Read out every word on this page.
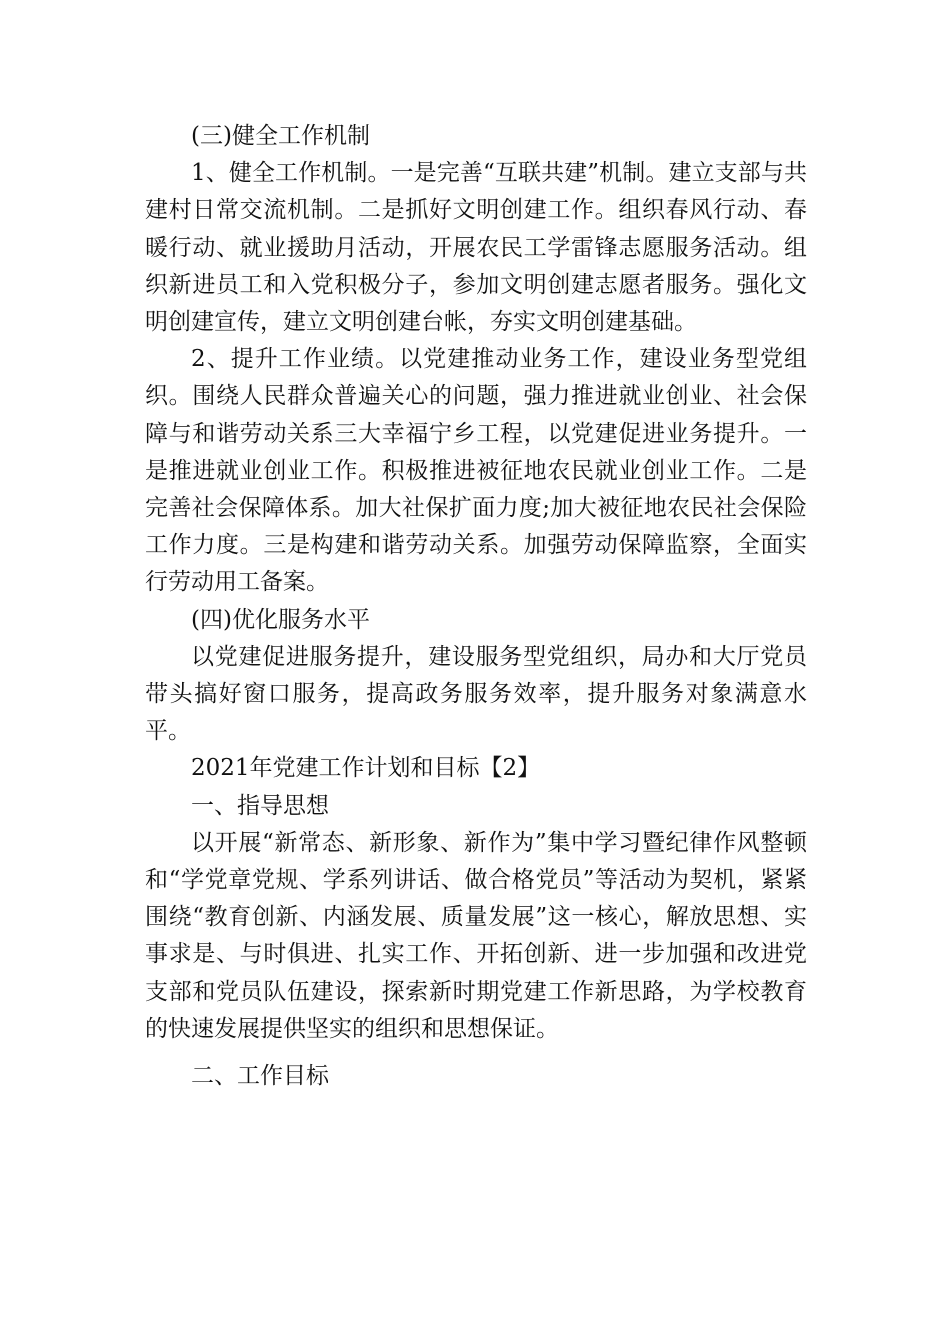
(三)健全工作机制

1、健全工作机制。一是完善“互联共建”机制。建立支部与共建村日常交流机制。二是抓好文明创建工作。组织春风行动、春暖行动、就业援助月活动，开展农民工学雷锋志愿服务活动。组织新进员工和入党积极分子，参加文明创建志愿者服务。强化文明创建宣传，建立文明创建台帐，夯实文明创建基础。

2、提升工作业绩。以党建推动业务工作，建设业务型党组织。围绕人民群众普遍关心的问题，强力推进就业创业、社会保障与和谐劳动关系三大幸福宁乡工程，以党建促进业务提升。一是推进就业创业工作。积极推进被征地农民就业创业工作。二是完善社会保障体系。加大社保扩面力度;加大被征地农民社会保险工作力度。三是构建和谐劳动关系。加强劳动保障监察，全面实行劳动用工备案。

(四)优化服务水平

以党建促进服务提升，建设服务型党组织，局办和大厅党员带头搞好窗口服务，提高政务服务效率，提升服务对象满意水平。

2021年党建工作计划和目标【2】

一、指导思想

以开展“新常态、新形象、新作为”集中学习暨纪律作风整顿和“学党章党规、学系列讲话、做合格党员”等活动为契机，紧紧围绕“教育创新、内涵发展、质量发展”这一核心，解放思想、实事求是、与时俱进、扎实工作、开拓创新、进一步加强和改进党支部和党员队伍建设，探索新时期党建工作新思路，为学校教育的快速发展提供坚实的组织和思想保证。

二、工作目标
